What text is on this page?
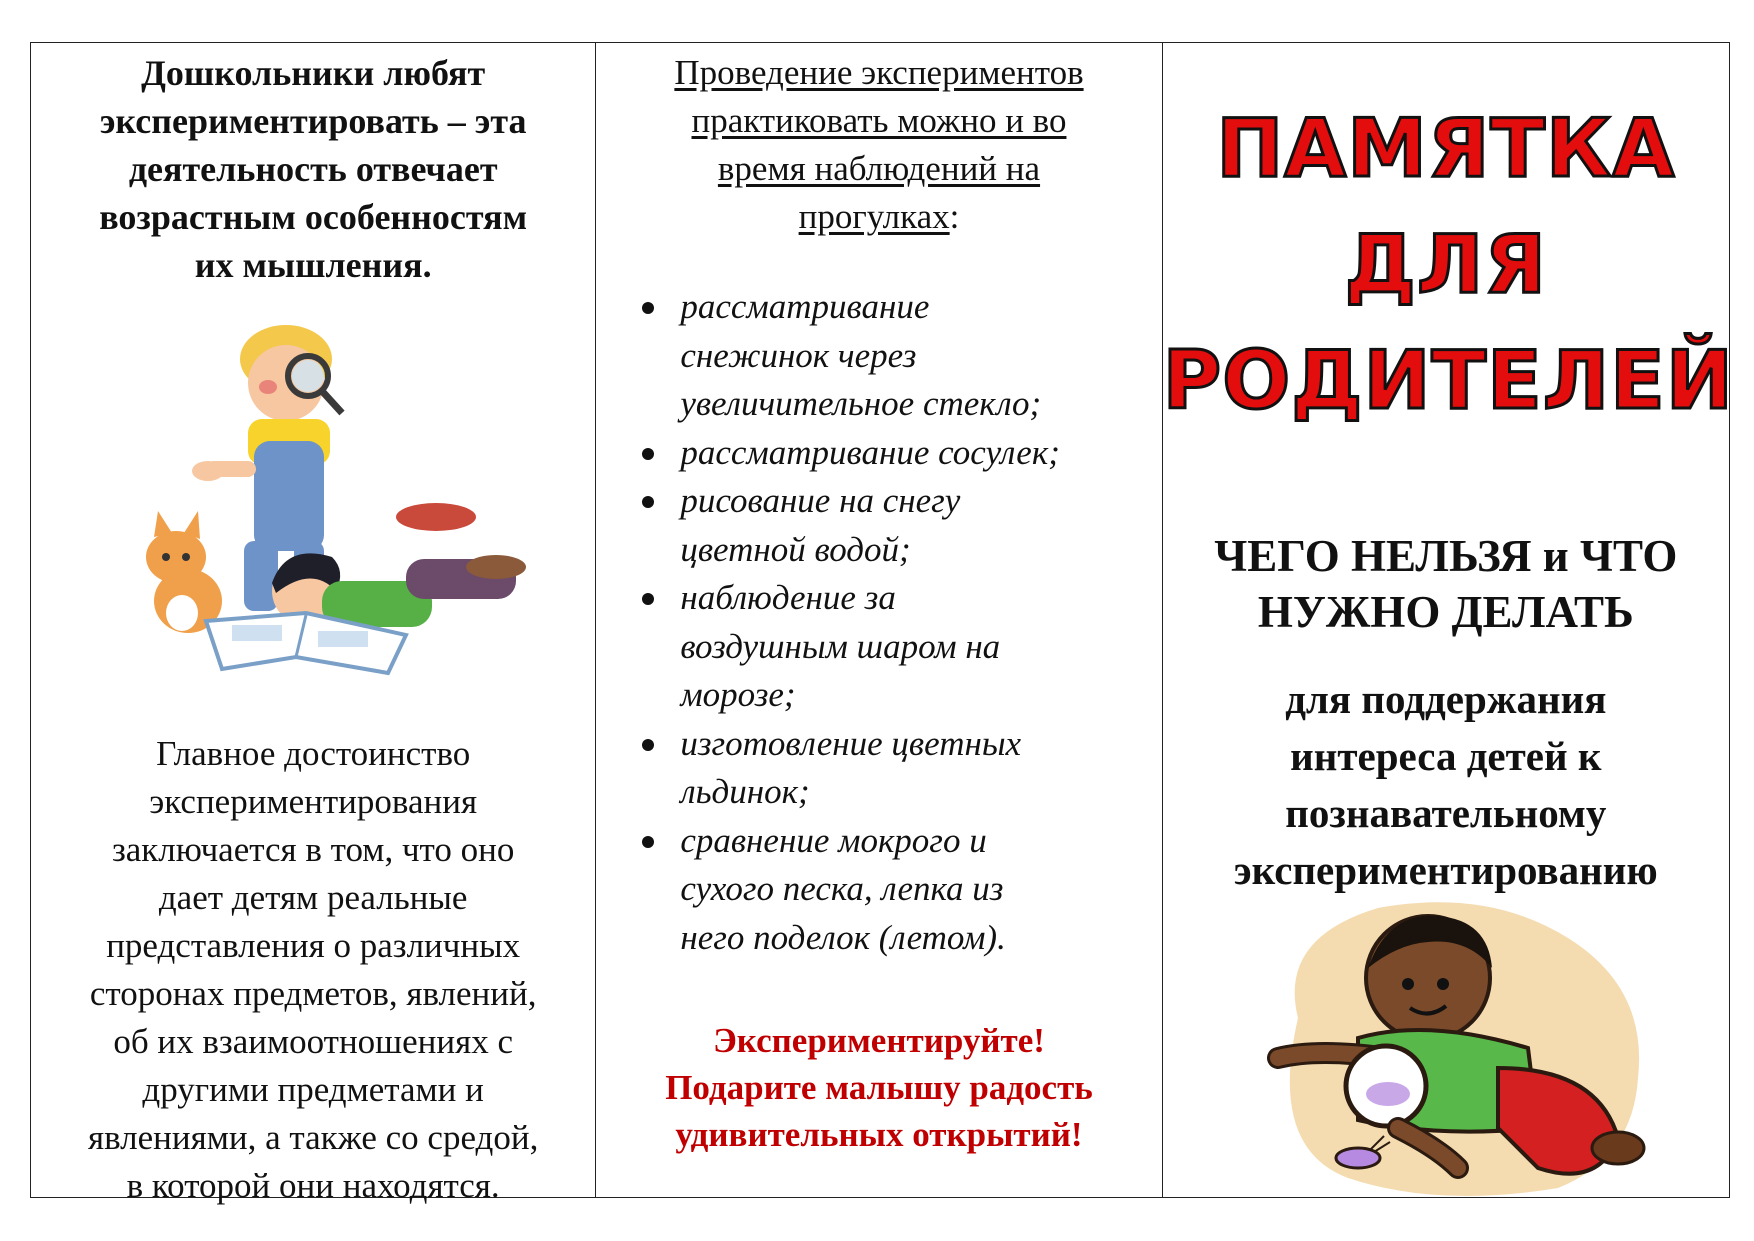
Дошкольники любят
экспериментировать – эта
деятельность отвечает
возрастным особенностям
их мышления.
Главное достоинство
экспериментирования
заключается в том, что оно
дает детям реальные
представления о различных
сторонах предметов, явлений,
об их взаимоотношениях с
другими предметами и
явлениями, а также со средой,
в которой они находятся.
Проведение экспериментов
практиковать можно и во
время наблюдений на
прогулках:
рассматривание
снежинок через
увеличительное стекло;
рассматривание сосулек;
рисование на снегу
цветной водой;
наблюдение за
воздушным шаром на
морозе;
изготовление цветных
льдинок;
сравнение мокрого и
сухого песка, лепка из
него поделок (летом).
Экспериментируйте!
Подарите малышу радость
удивительных открытий!
ПАМЯТКА
ДЛЯ
РОДИТЕЛЕЙ
ЧЕГО НЕЛЬЗЯ и ЧТО
НУЖНО ДЕЛАТЬ
для поддержания
интереса детей к
познавательному
экспериментированию
